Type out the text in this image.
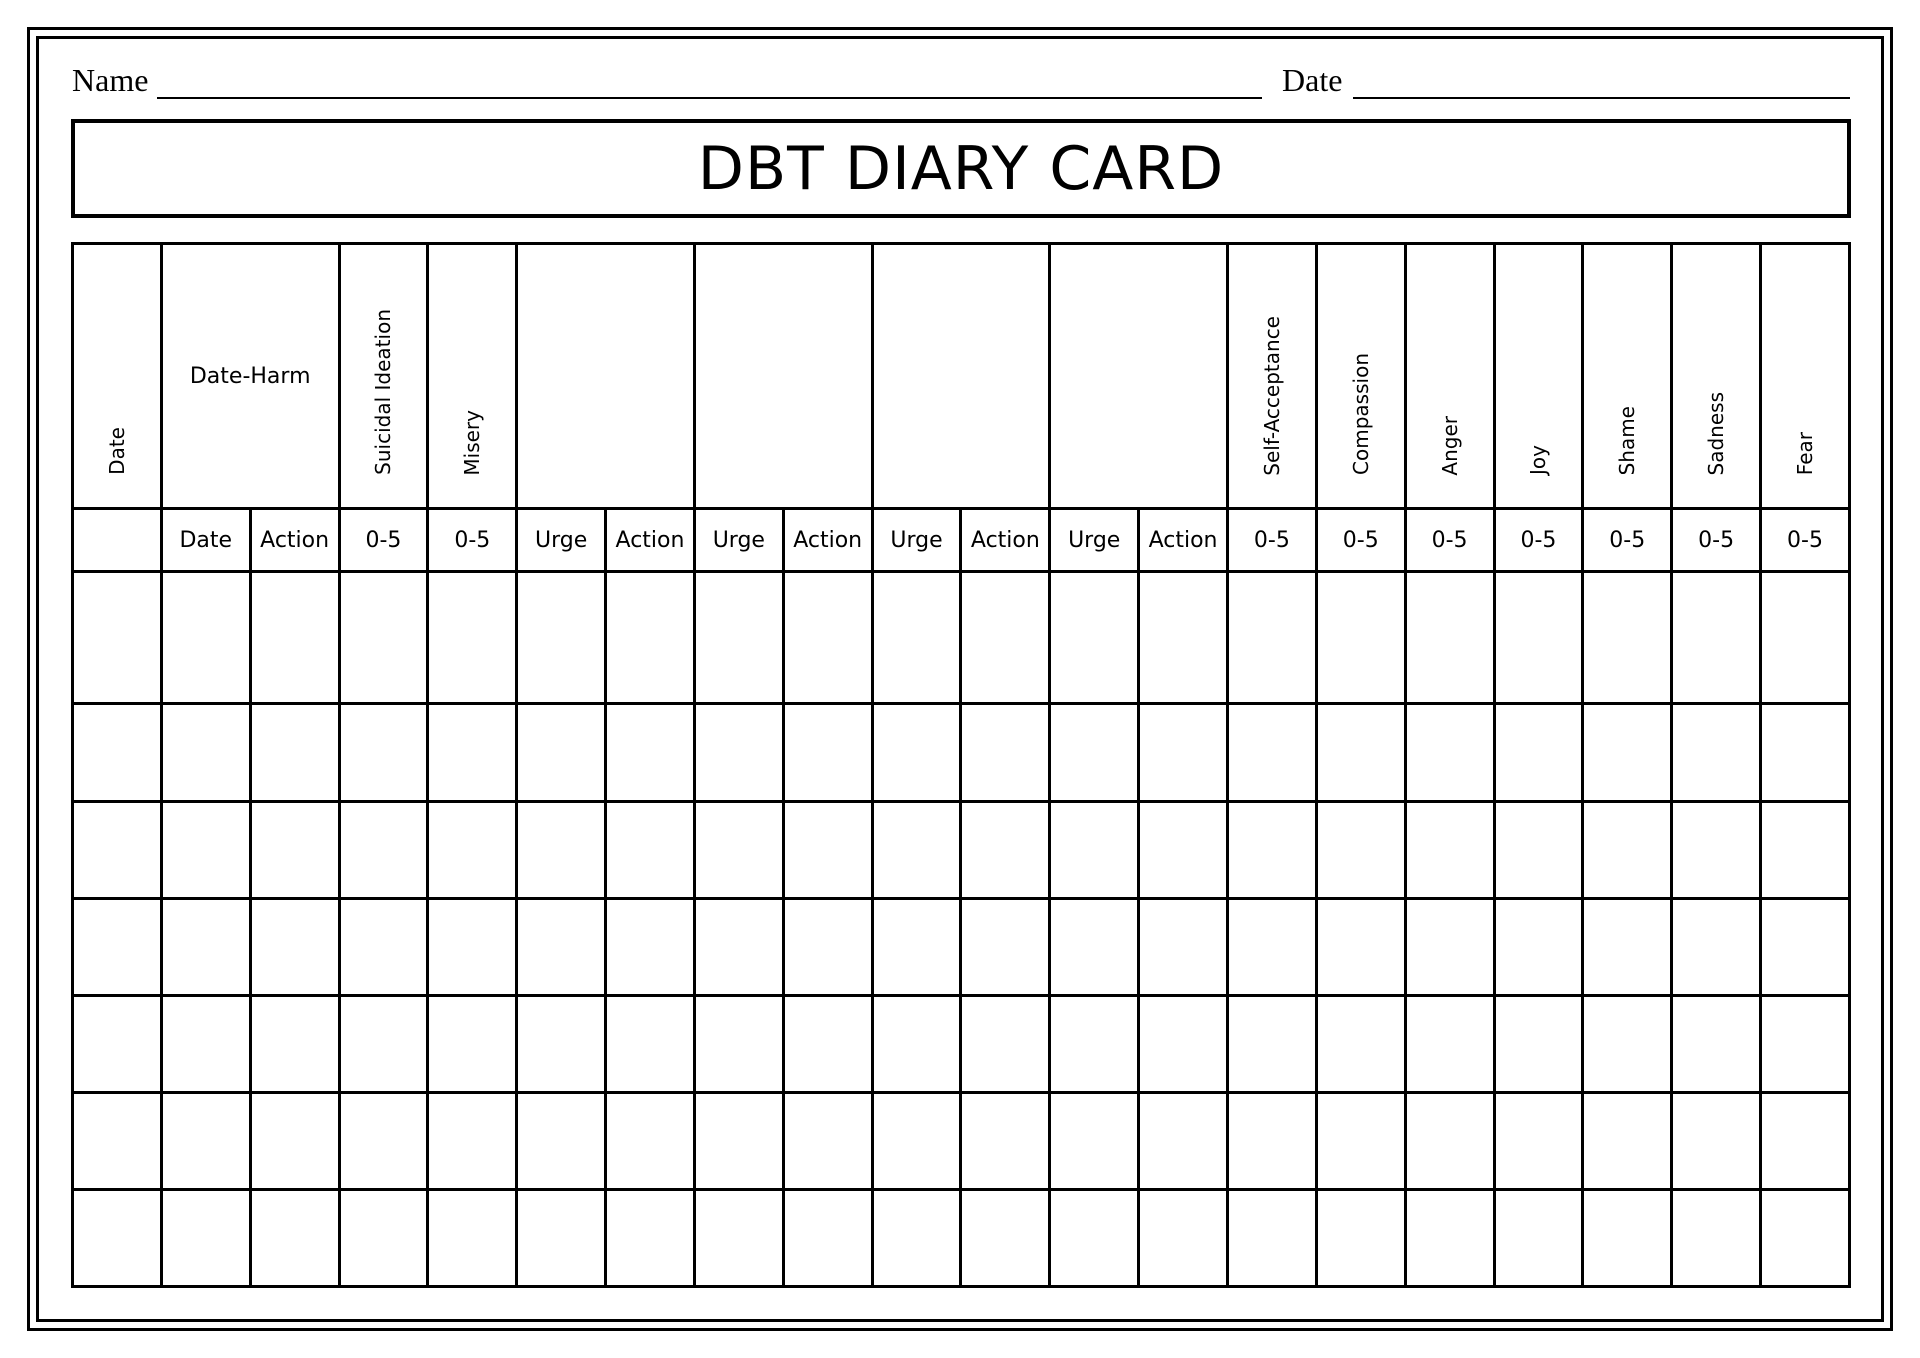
Name	Date
DBT DIARY CARD
Date	Date-Harm		Suicidal Ideation	Misery									Self-Acceptance	Compassion	Anger	Joy	Shame	Sadness	Fear
	Date	Action	0-5	0-5	Urge	Action	Urge	Action	Urge	Action	Urge	Action	0-5	0-5	0-5	0-5	0-5	0-5	0-5
